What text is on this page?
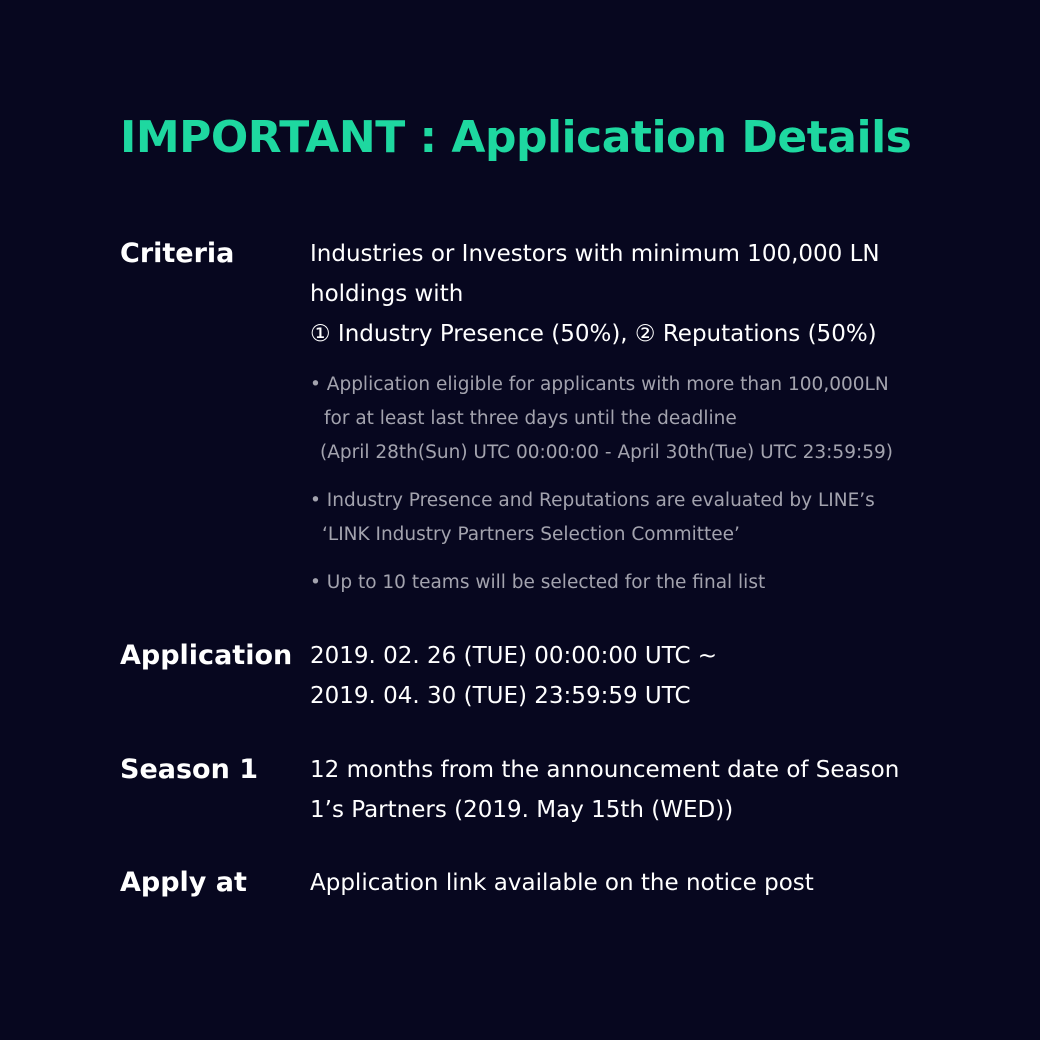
IMPORTANT : Application Details
Criteria	Industries or Investors with minimum 100,000 LN
holdings with
① Industry Presence (50%), ② Reputations (50%)
• Application eligible for applicants with more than 100,000LN
for at least last three days until the deadline
(April 28th(Sun) UTC 00:00:00 - April 30th(Tue) UTC 23:59:59)
• Industry Presence and Reputations are evaluated by LINE’s
‘LINK Industry Partners Selection Committee’
• Up to 10 teams will be selected for the final list
Application 2019. 02. 26 (TUE) 00:00:00 UTC ~
2019. 04. 30 (TUE) 23:59:59 UTC
Season 1 12 months from the announcement date of Season
1’s Partners (2019. May 15th (WED))
Apply at	Application link available on the notice post
